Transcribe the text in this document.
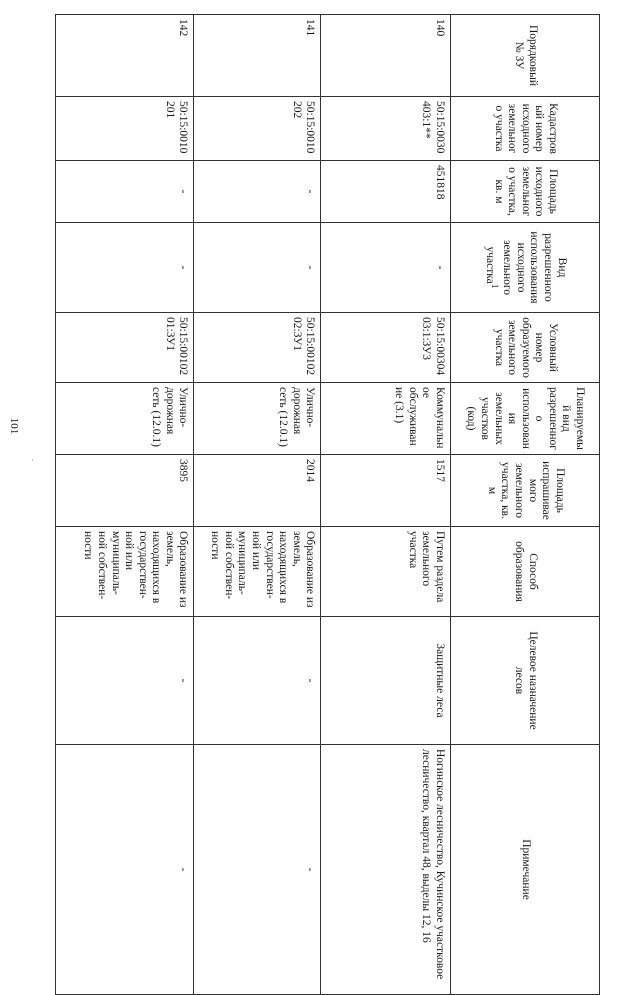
101
·
Порядковый № ЗУ	Кадастровый номер исходного земельного участка	Площадь исходного земельного участка, кв. м	Вид разрешенного использования исходного земельного участка$^1$	Условный номер образуемого земельного участка	Планируемый вид разрешенного использования земельных участков (код)	Площадь испрашиваемого земельного участка, кв. м	Способ образования	Целевое назначение лесов	Примечание
140	50:15:0030403:1**	451818	-	50:15:0030403:1:ЗУ3	Коммунальное обслуживание (3.1)	1517	Путем раздела земельного участка	Защитные леса	Ногинское лесничество, Кучинское участковое лесничество, квартал 48, выделы 12, 16
141	50:15:0010202	-	-	50:15:0010202:ЗУ1	Улично-дорожная сеть (12.0.1)	2014	Образование из земель, находящихся в государствен-ной или муниципаль-ной собствен-ности	-	-
142	50:15:0010201	-	-	50:15:0010201:ЗУ1	Улично-дорожная сеть (12.0.1)	3895	Образование из земель, находящихся в государствен-ной или муниципаль-ной собствен-ности	-	-
